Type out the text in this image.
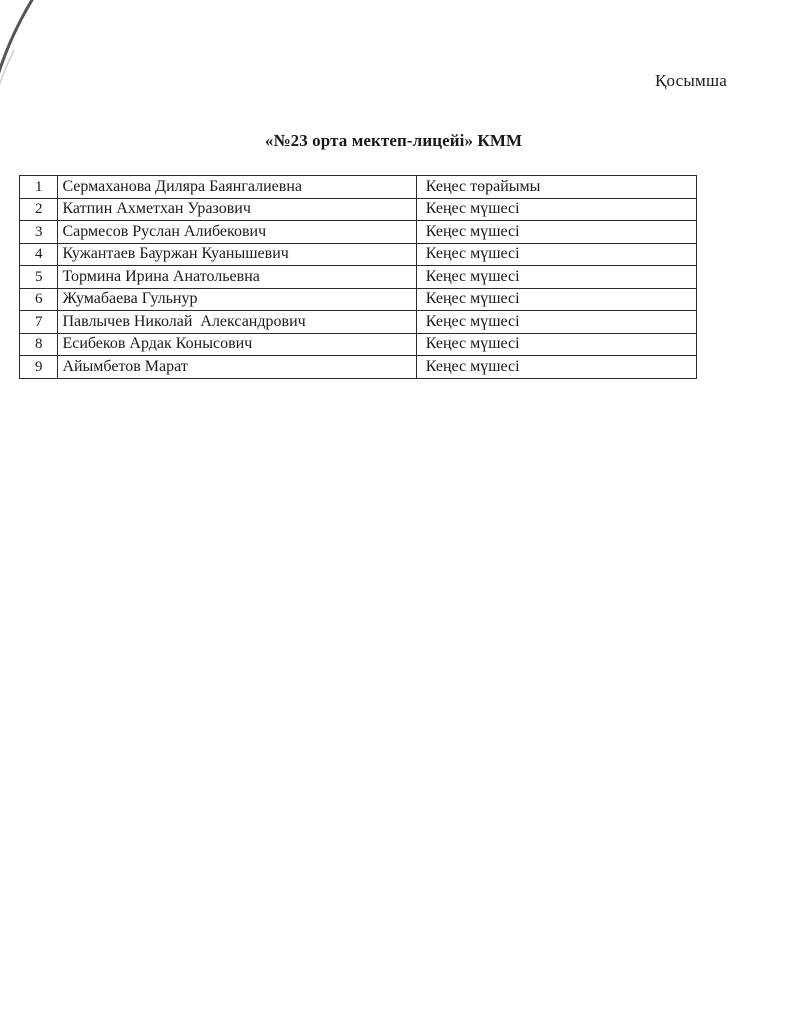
Қосымша
«№23 орта мектеп-лицейі» КММ
1	Сермаханова Диляра Баянгалиевна	Кеңес төрайымы
2	Катпин Ахметхан Уразович	Кеңес мүшесі
3	Сармесов Руслан Алибекович	Кеңес мүшесі
4	Кужантаев Бауржан Куанышевич	Кеңес мүшесі
5	Тормина Ирина Анатольевна	Кеңес мүшесі
6	Жумабаева Гульнур	Кеңес мүшесі
7	Павлычев Николай  Александрович	Кеңес мүшесі
8	Есибеков Ардак Конысович	Кеңес мүшесі
9	Айымбетов Марат	Кеңес мүшесі
